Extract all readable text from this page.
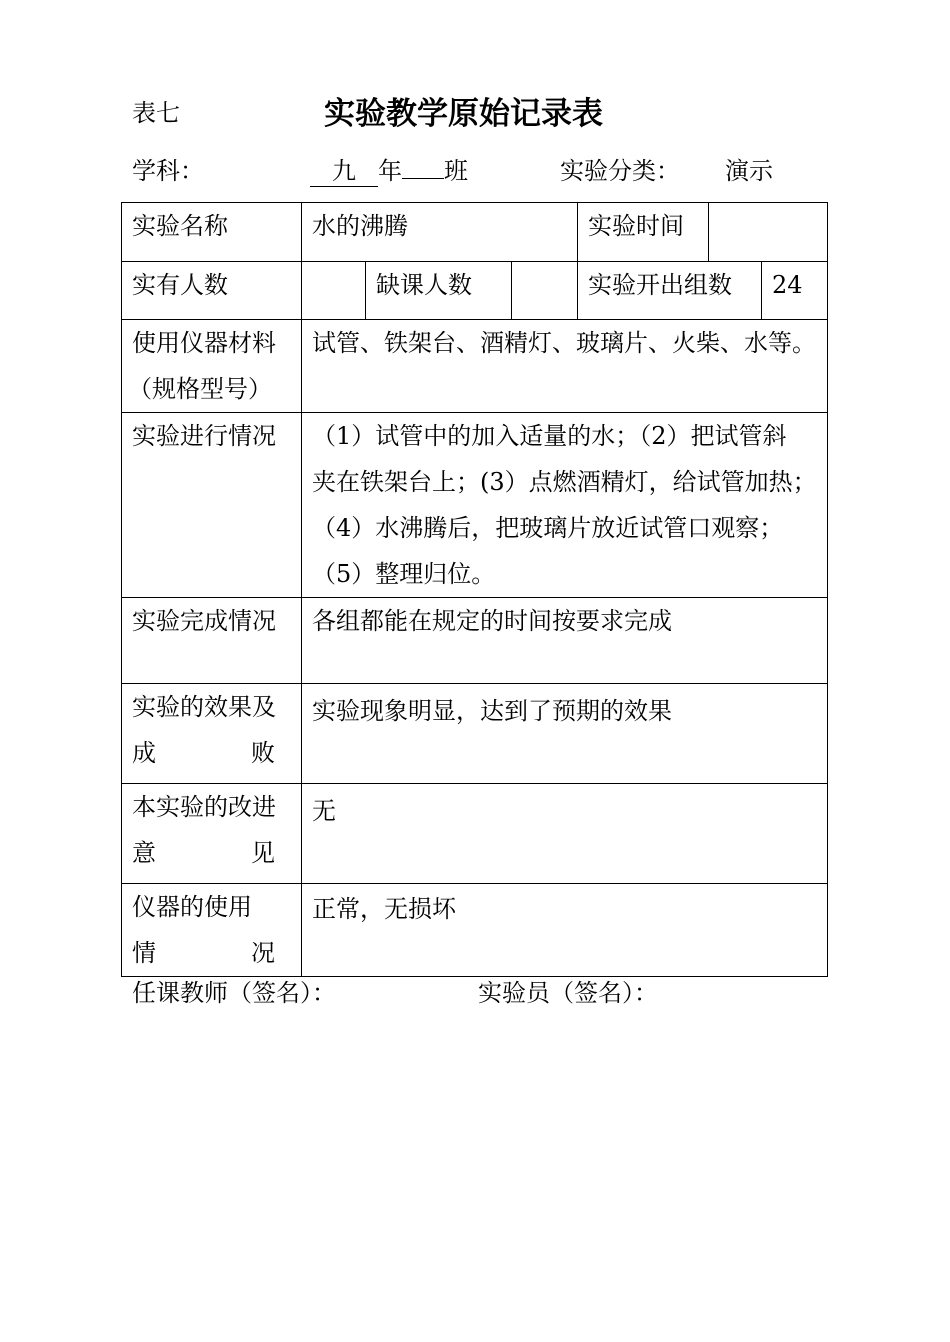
表七	实验教学原始记录表
学科：	九 年 班	实验分类： 演示
实验名称	水的沸腾			实验时间	

实有人数		缺课人数		实验开出组数	24

使用仪器材料
（规格型号）	试管、铁架台、酒精灯、玻璃片、火柴、水等。				
实验进行情况	（1）试管中的加入适量的水；（2）把试管斜
夹在铁架台上；(3）点燃酒精灯，给试管加热；
（4）水沸腾后，把玻璃片放近试管口观察；
（5）整理归位。				

实验完成情况	各组都能在规定的时间按要求完成				

实验的效果及
成 败	实验现象明显，达到了预期的效果				

本实验的改进
意 见	无				

仪器的使用
情 况	正常，无损坏				
任课教师（签名）：	实验员（签名）：
